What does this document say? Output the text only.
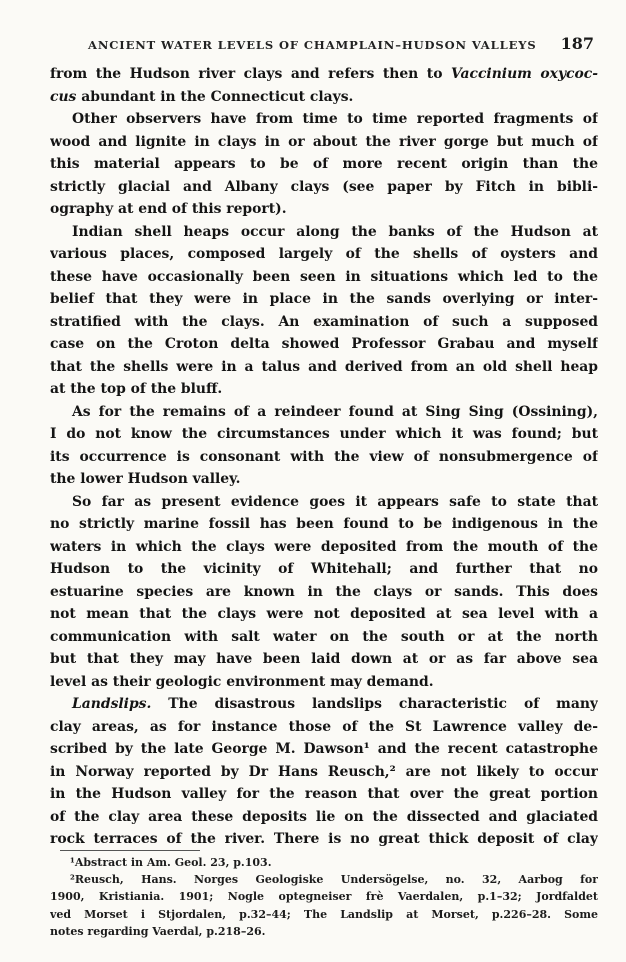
ANCIENT WATER LEVELS OF CHAMPLAIN–HUDSON VALLEYS 187
from the Hudson river clays and refers then to Vaccinium oxycoc-
cus abundant in the Connecticut clays.
Other observers have from time to time reported fragments of
wood and lignite in clays in or about the river gorge but much of
this material appears to be of more recent origin than the
strictly glacial and Albany clays (see paper by Fitch in bibli-
ography at end of this report).
Indian shell heaps occur along the banks of the Hudson at
various places, composed largely of the shells of oysters and
these have occasionally been seen in situations which led to the
belief that they were in place in the sands overlying or inter-
stratified with the clays. An examination of such a supposed
case on the Croton delta showed Professor Grabau and myself
that the shells were in a talus and derived from an old shell heap
at the top of the bluff.
As for the remains of a reindeer found at Sing Sing (Ossining),
I do not know the circumstances under which it was found; but
its occurrence is consonant with the view of nonsubmergence of
the lower Hudson valley.
So far as present evidence goes it appears safe to state that
no strictly marine fossil has been found to be indigenous in the
waters in which the clays were deposited from the mouth of the
Hudson to the vicinity of Whitehall; and further that no
estuarine species are known in the clays or sands. This does
not mean that the clays were not deposited at sea level with a
communication with salt water on the south or at the north
but that they may have been laid down at or as far above sea
level as their geologic environment may demand.
Landslips. The disastrous landslips characteristic of many
clay areas, as for instance those of the St Lawrence valley de-
scribed by the late George M. Dawson¹ and the recent catastrophe
in Norway reported by Dr Hans Reusch,² are not likely to occur
in the Hudson valley for the reason that over the great portion
of the clay area these deposits lie on the dissected and glaciated
rock terraces of the river. There is no great thick deposit of clay
¹Abstract in Am. Geol. 23, p.103.
²Reusch, Hans. Norges Geologiske Undersögelse, no. 32, Aarbog for
1900, Kristiania. 1901; Nogle optegneiser frè Vaerdalen, p.1–32; Jordfaldet
ved Morset i Stjordalen, p.32–44; The Landslip at Morset, p.226–28. Some
notes regarding Vaerdal, p.218–26.
